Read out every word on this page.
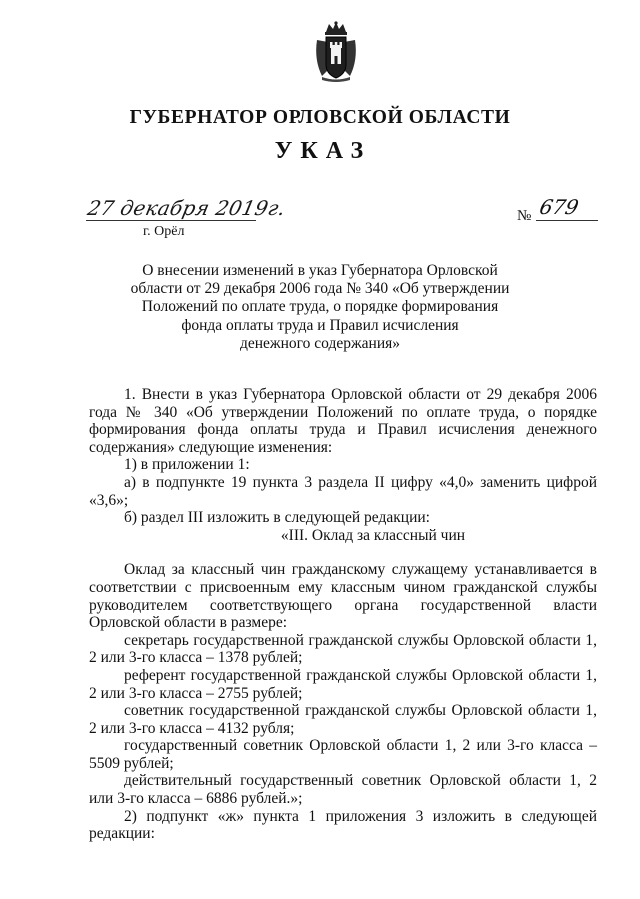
ГУБЕРНАТОР ОРЛОВСКОЙ ОБЛАСТИ
УКАЗ
27 декабря 2019г.
г. Орёл
№ 679
О внесении изменений в указ Губернатора Орловской
области от 29 декабря 2006 года № 340 «Об утверждении
Положений по оплате труда, о порядке формирования
фонда оплаты труда и Правил исчисления
денежного содержания»
1. Внести в указ Губернатора Орловской области от 29 декабря 2006 года № 340 «Об утверждении Положений по оплате труда, о порядке формирования фонда оплаты труда и Правил исчисления денежного содержания» следующие изменения:
1) в приложении 1:
а) в подпункте 19 пункта 3 раздела II цифру «4,0» заменить цифрой «3,6»;
б) раздел III изложить в следующей редакции:
«III. Оклад за классный чин
Оклад за классный чин гражданскому служащему устанавливается в соответствии с присвоенным ему классным чином гражданской службы руководителем соответствующего органа государственной власти Орловской области в размере:
секретарь государственной гражданской службы Орловской области 1, 2 или 3-го класса – 1378 рублей;
референт государственной гражданской службы Орловской области 1, 2 или 3-го класса – 2755 рублей;
советник государственной гражданской службы Орловской области 1, 2 или 3-го класса – 4132 рубля;
государственный советник Орловской области 1, 2 или 3-го класса – 5509 рублей;
действительный государственный советник Орловской области 1, 2 или 3-го класса – 6886 рублей.»;
2) подпункт «ж» пункта 1 приложения 3 изложить в следующей редакции:
